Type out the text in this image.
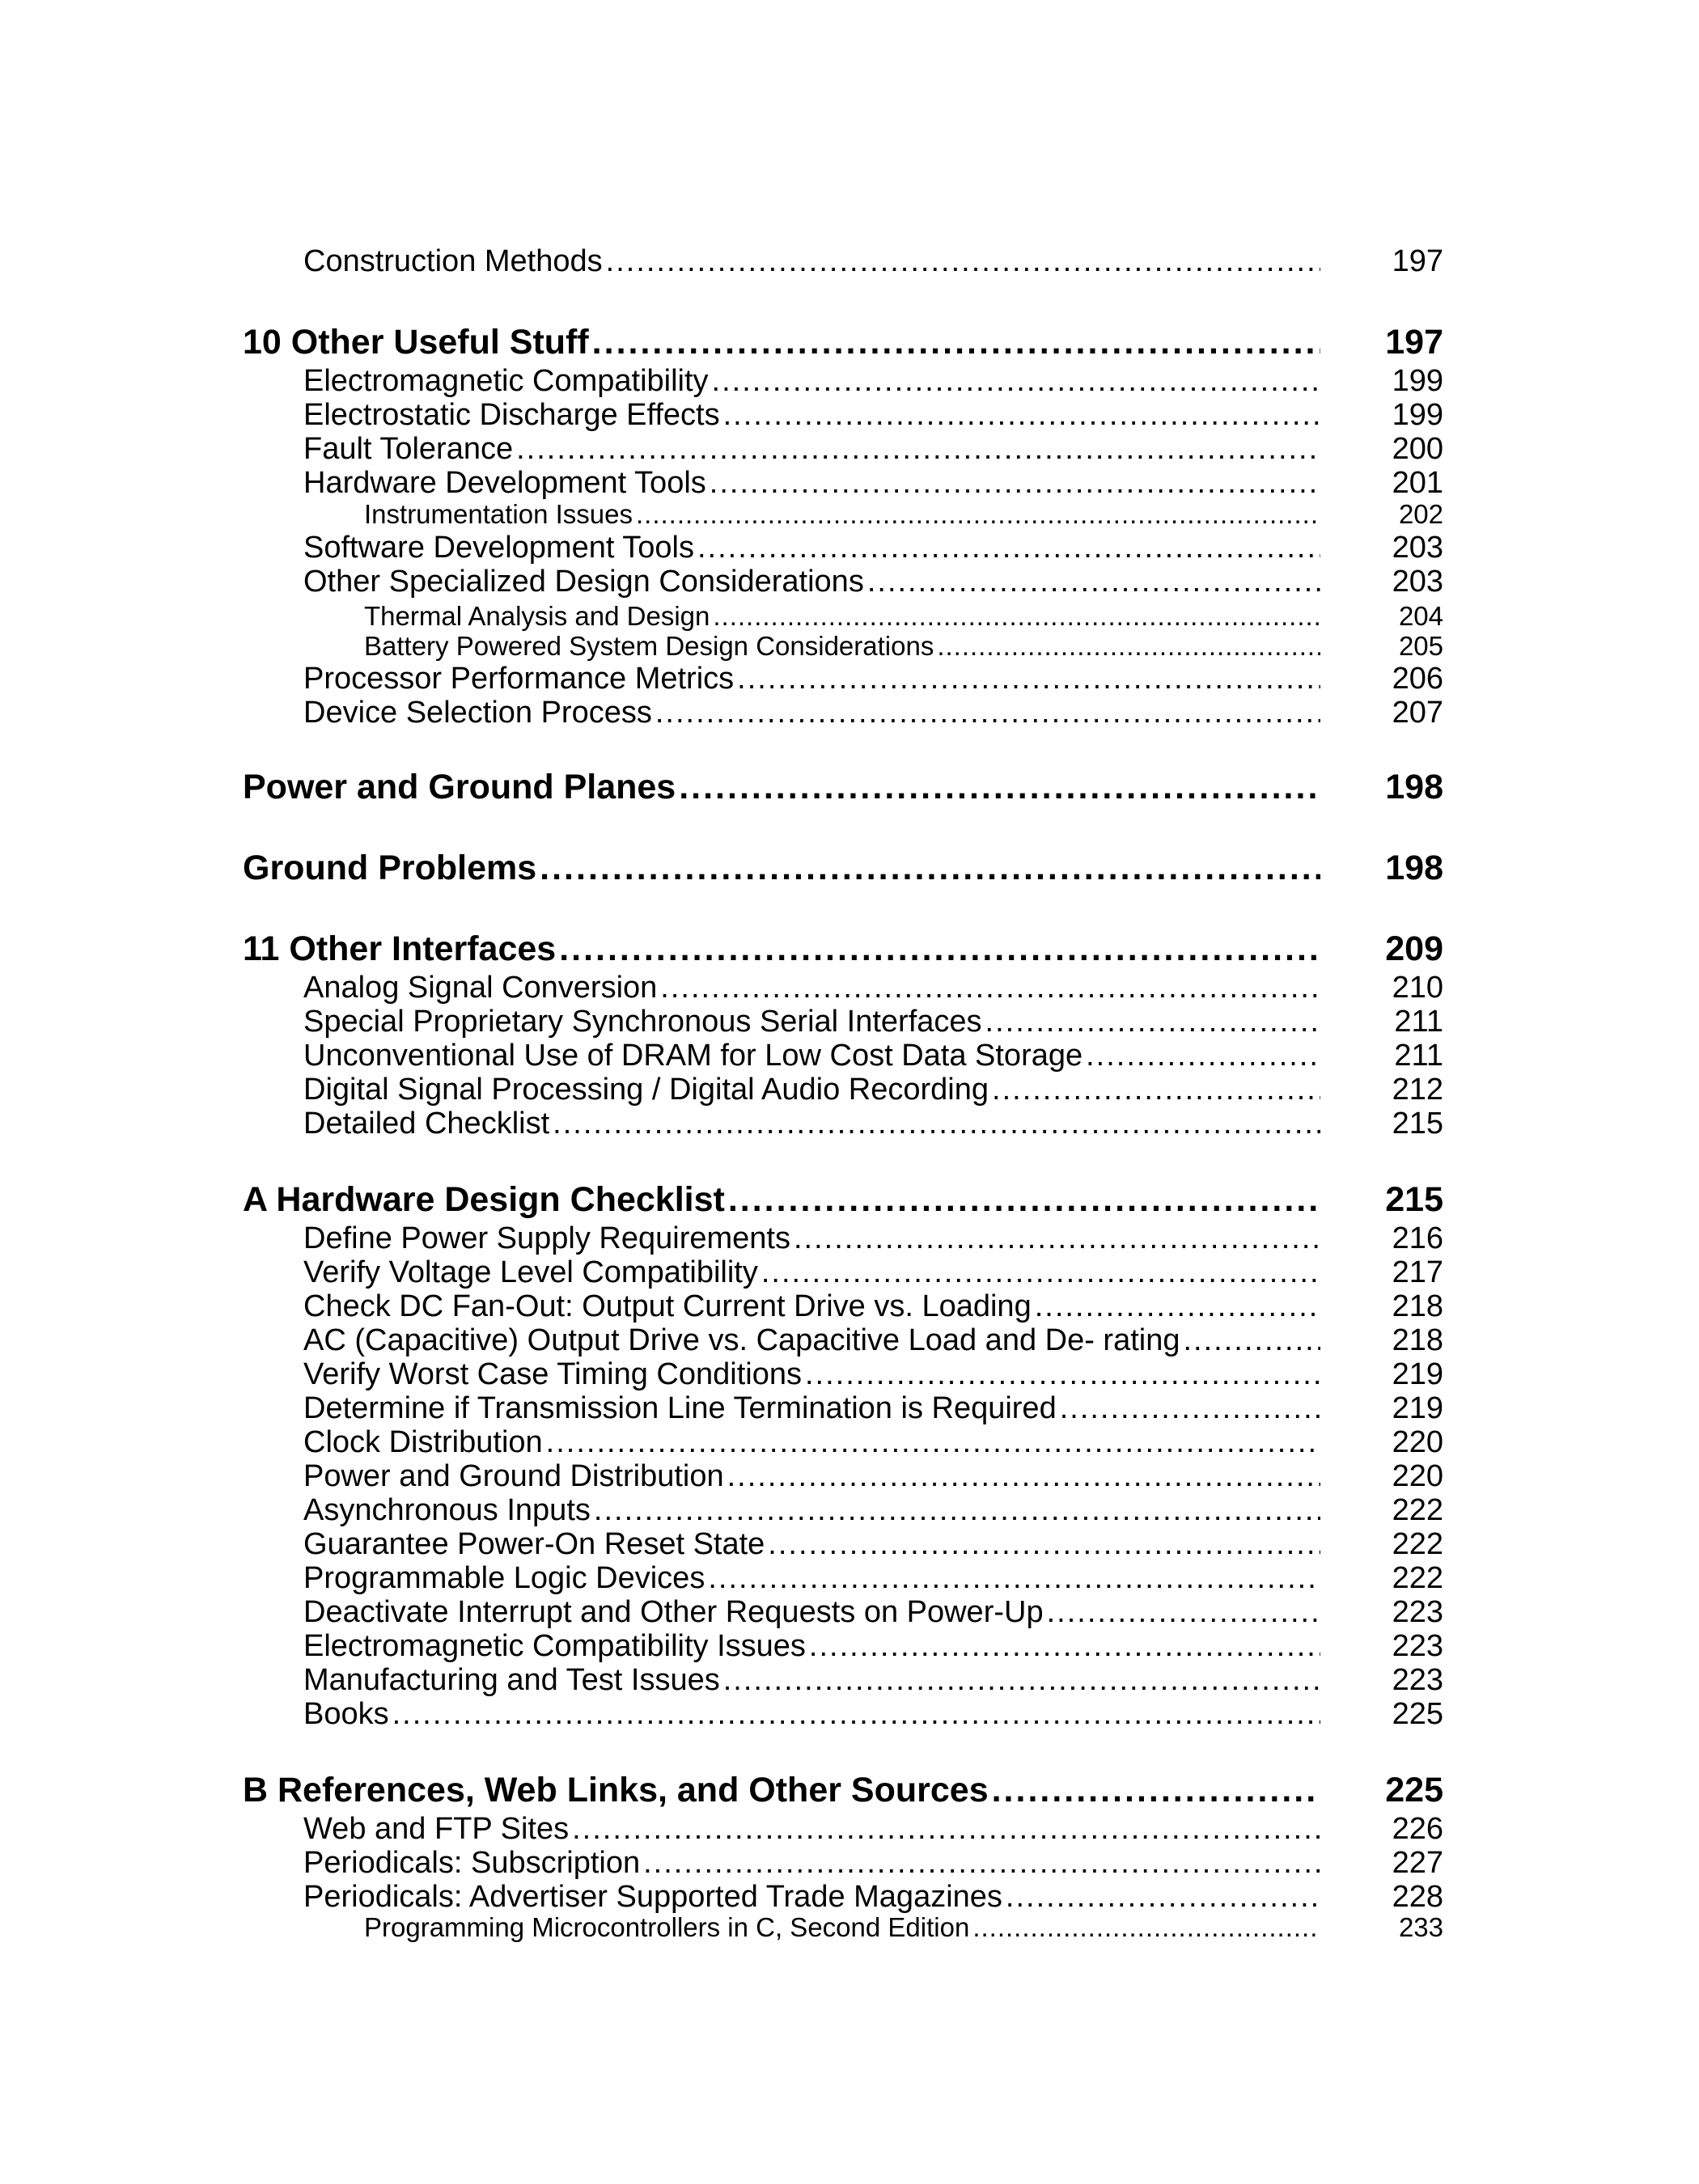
Construction Methods .....	197
10 Other Useful Stuff .....	197
Electromagnetic Compatibility .....	199
Electrostatic Discharge Effects .....	199
Fault Tolerance .....	200
Hardware Development Tools .....	201
Instrumentation Issues .....	202
Software Development Tools .....	203
Other Specialized Design Considerations .....	203
Thermal Analysis and Design .....	204
Battery Powered System Design Considerations .....	205
Processor Performance Metrics .....	206
Device Selection Process .....	207
Power and Ground Planes .....	198
Ground Problems .....	198
11 Other Interfaces .....	209
Analog Signal Conversion .....	210
Special Proprietary Synchronous Serial Interfaces .....	211
Unconventional Use of DRAM for Low Cost Data Storage .....	211
Digital Signal Processing / Digital Audio Recording .....	212
Detailed Checklist .....	215
A Hardware Design Checklist .....	215
Define Power Supply Requirements .....	216
Verify Voltage Level Compatibility .....	217
Check DC Fan-Out: Output Current Drive vs. Loading .....	218
AC (Capacitive) Output Drive vs. Capacitive Load and De- rating .....	218
Verify Worst Case Timing Conditions .....	219
Determine if Transmission Line Termination is Required .....	219
Clock Distribution .....	220
Power and Ground Distribution .....	220
Asynchronous Inputs .....	222
Guarantee Power-On Reset State .....	222
Programmable Logic Devices .....	222
Deactivate Interrupt and Other Requests on Power-Up .....	223
Electromagnetic Compatibility Issues .....	223
Manufacturing and Test Issues .....	223
Books .....	225
B References, Web Links, and Other Sources .....	225
Web and FTP Sites .....	226
Periodicals: Subscription .....	227
Periodicals: Advertiser Supported Trade Magazines .....	228
Programming Microcontrollers in C, Second Edition .....	233
